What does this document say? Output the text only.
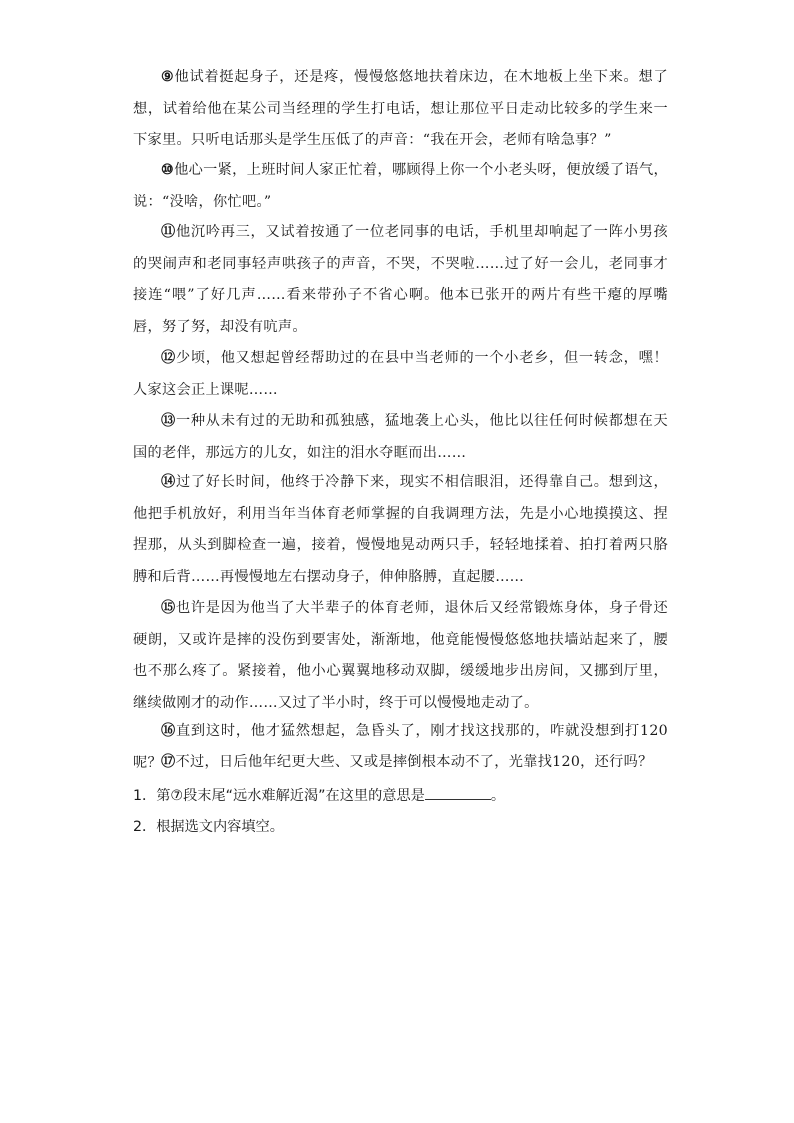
⑨他试着挺起身子，还是疼，慢慢悠悠地扶着床边，在木地板上坐下来。想了想，试着给他在某公司当经理的学生打电话，想让那位平日走动比较多的学生来一下家里。只听电话那头是学生压低了的声音：“我在开会，老师有啥急事？”

⑩他心一紧，上班时间人家正忙着，哪顾得上你一个小老头呀，便放缓了语气，说：“没啥，你忙吧。”

⑪他沉吟再三，又试着按通了一位老同事的电话，手机里却响起了一阵小男孩的哭闹声和老同事轻声哄孩子的声音，不哭，不哭啦……过了好一会儿，老同事才接连“喂”了好几声……看来带孙子不省心啊。他本已张开的两片有些干瘪的厚嘴唇，努了努，却没有吭声。

⑫少顷，他又想起曾经帮助过的在县中当老师的一个小老乡，但一转念，嘿！人家这会正上课呢……

⑬一种从未有过的无助和孤独感，猛地袭上心头，他比以往任何时候都想在天国的老伴，那远方的儿女，如注的泪水夺眶而出……

⑭过了好长时间，他终于冷静下来，现实不相信眼泪，还得靠自己。想到这，他把手机放好，利用当年当体育老师掌握的自我调理方法，先是小心地摸摸这、捏捏那，从头到脚检查一遍，接着，慢慢地晃动两只手，轻轻地揉着、拍打着两只胳膊和后背……再慢慢地左右摆动身子，伸伸胳膊，直起腰……

⑮也许是因为他当了大半辈子的体育老师，退休后又经常锻炼身体，身子骨还硬朗，又或许是摔的没伤到要害处，渐渐地，他竟能慢慢悠悠地扶墙站起来了，腰也不那么疼了。紧接着，他小心翼翼地移动双脚，缓缓地步出房间，又挪到厅里，继续做刚才的动作……又过了半小时，终于可以慢慢地走动了。

⑯直到这时，他才猛然想起，急昏头了，刚才找这找那的，咋就没想到打120呢？ ⑰不过，日后他年纪更大些、又或是摔倒根本动不了，光靠找120，还行吗？

1．第⑦段末尾“远水难解近渴”在这里的意思是	。

2．根据选文内容填空。
